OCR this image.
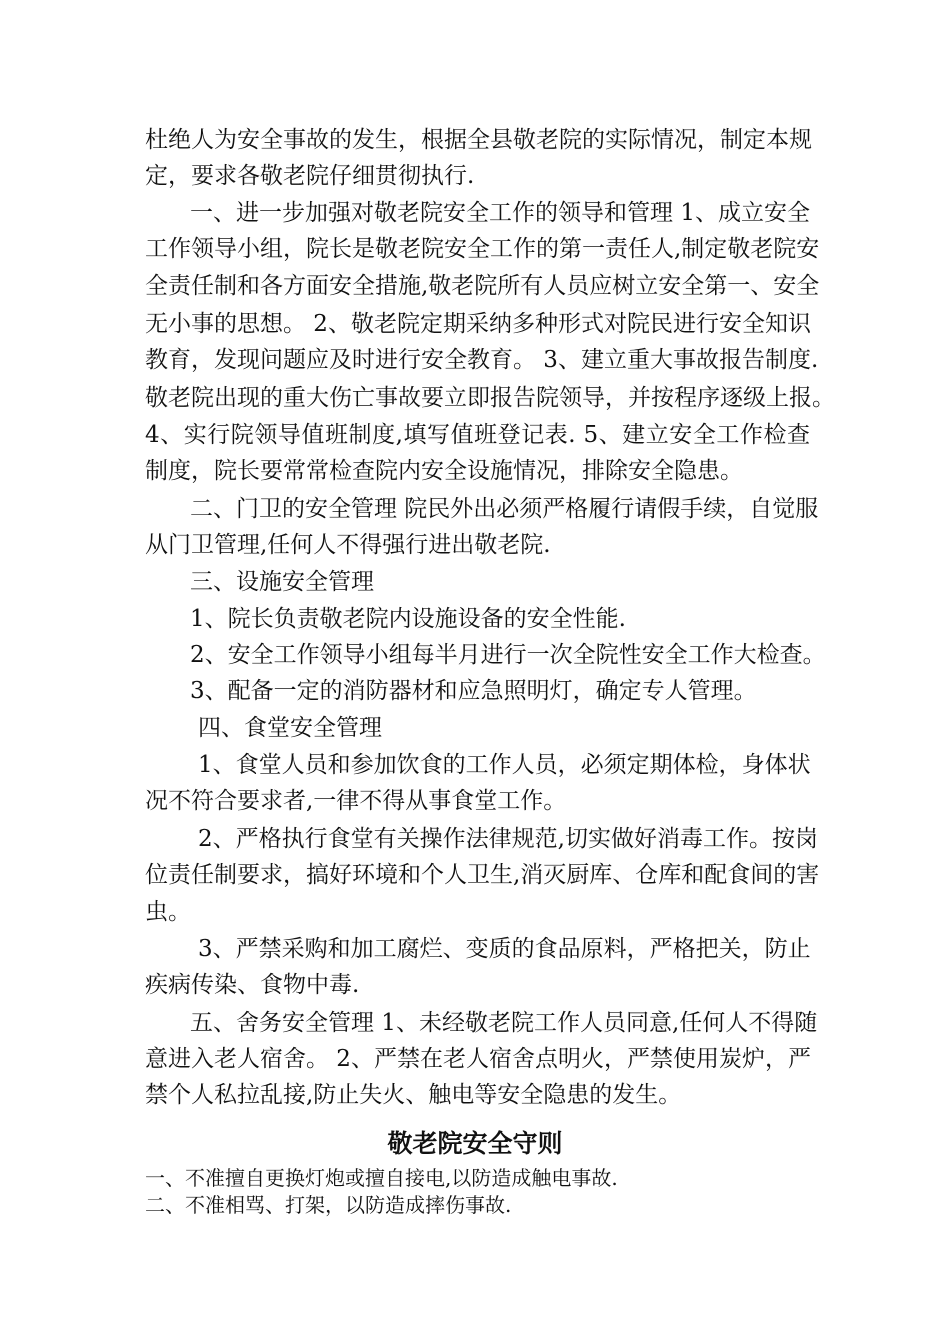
杜绝人为安全事故的发生，根据全县敬老院的实际情况，制定本规
定，要求各敬老院仔细贯彻执行.
一、进一步加强对敬老院安全工作的领导和管理 1、成立安全
工作领导小组，院长是敬老院安全工作的第一责任人,制定敬老院安
全责任制和各方面安全措施,敬老院所有人员应树立安全第一、安全
无小事的思想。 2、敬老院定期采纳多种形式对院民进行安全知识
教育，发现问题应及时进行安全教育。 3、建立重大事故报告制度.
敬老院出现的重大伤亡事故要立即报告院领导，并按程序逐级上报。
4、实行院领导值班制度,填写值班登记表. 5、建立安全工作检查
制度，院长要常常检查院内安全设施情况，排除安全隐患。
二、门卫的安全管理 院民外出必须严格履行请假手续，自觉服
从门卫管理,任何人不得强行进出敬老院.
三、设施安全管理
1、院长负责敬老院内设施设备的安全性能.
2、安全工作领导小组每半月进行一次全院性安全工作大检查。
3、配备一定的消防器材和应急照明灯，确定专人管理。
四、食堂安全管理
1、食堂人员和参加饮食的工作人员，必须定期体检，身体状
况不符合要求者,一律不得从事食堂工作。
2、严格执行食堂有关操作法律规范,切实做好消毒工作。按岗
位责任制要求，搞好环境和个人卫生,消灭厨库、仓库和配食间的害
虫。
3、严禁采购和加工腐烂、变质的食品原料，严格把关，防止
疾病传染、食物中毒.
五、舍务安全管理 1、未经敬老院工作人员同意,任何人不得随
意进入老人宿舍。 2、严禁在老人宿舍点明火，严禁使用炭炉，严
禁个人私拉乱接,防止失火、触电等安全隐患的发生。
敬老院安全守则
一、不准擅自更换灯炮或擅自接电,以防造成触电事故.
二、不准相骂、打架，以防造成摔伤事故.
